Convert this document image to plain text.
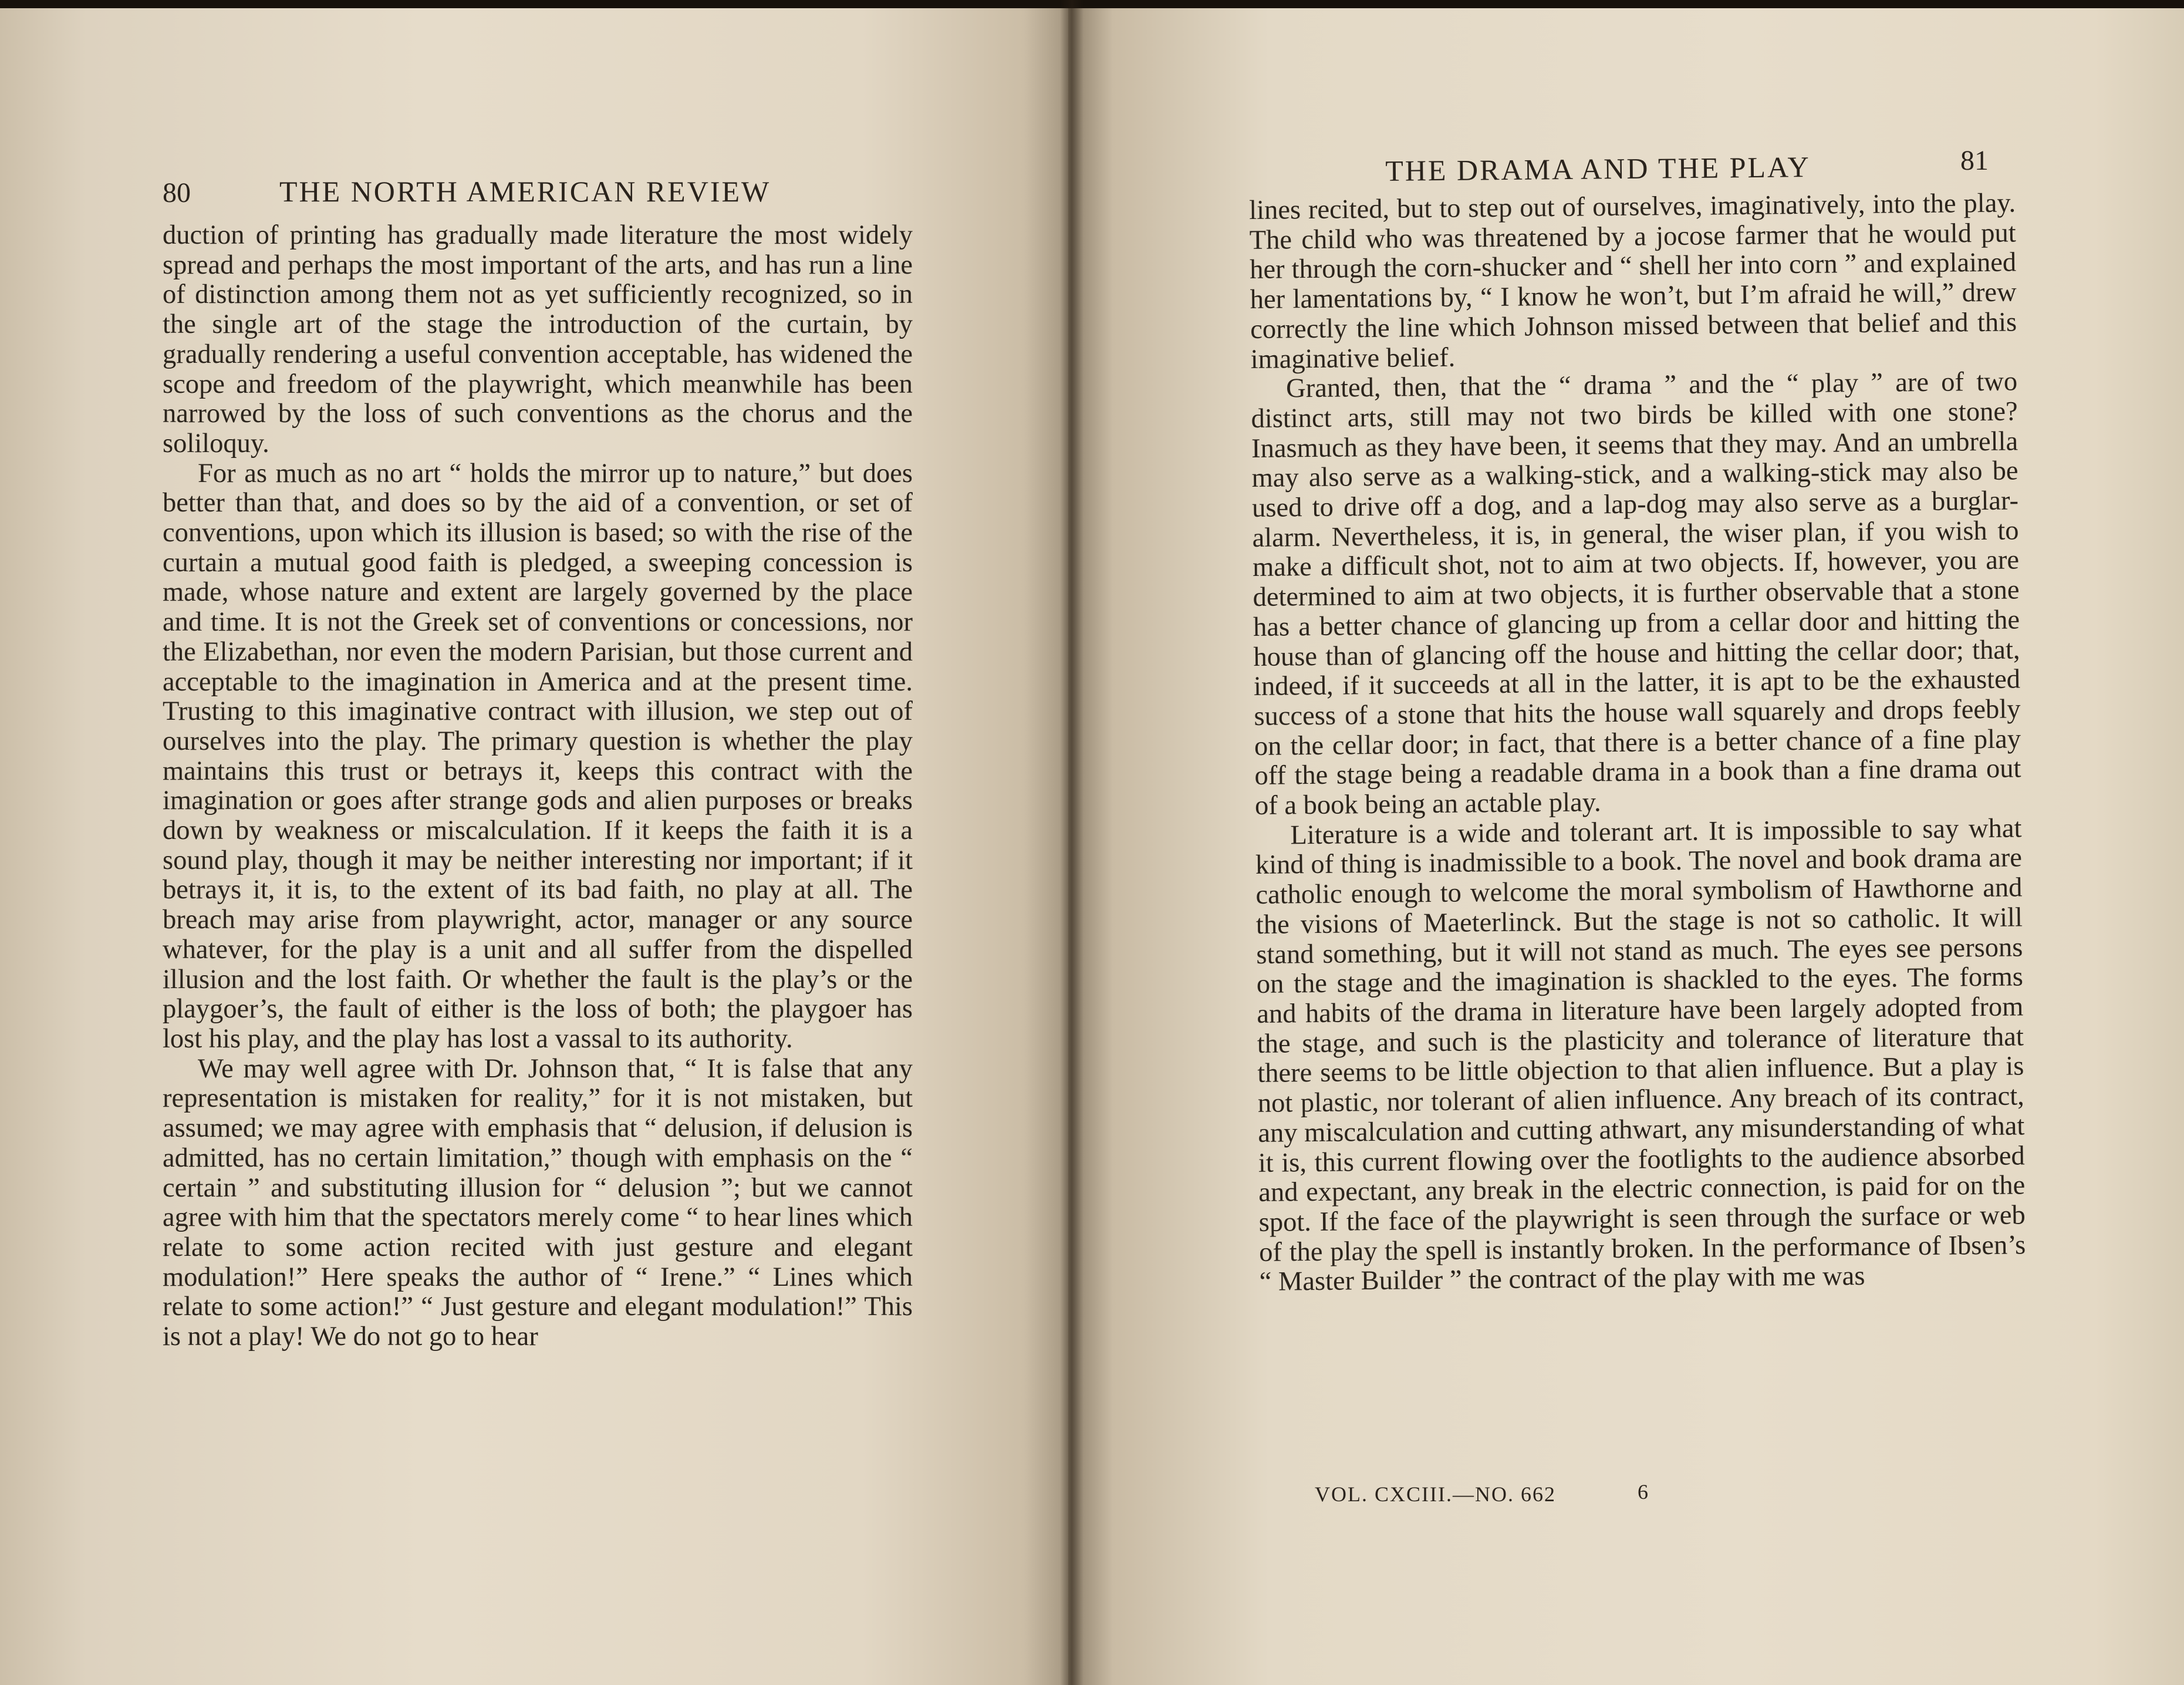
80	THE NORTH AMERICAN REVIEW

duction of printing has gradually made literature the most widely spread and perhaps the most important of the arts, and has run a line of distinction among them not as yet sufficiently recognized, so in the single art of the stage the introduction of the curtain, by gradually rendering a useful convention acceptable, has widened the scope and freedom of the playwright, which meanwhile has been narrowed by the loss of such conventions as the chorus and the soliloquy.

For as much as no art “ holds the mirror up to nature,” but does better than that, and does so by the aid of a convention, or set of conventions, upon which its illusion is based; so with the rise of the curtain a mutual good faith is pledged, a sweeping concession is made, whose nature and extent are largely governed by the place and time. It is not the Greek set of conventions or concessions, nor the Elizabethan, nor even the modern Parisian, but those current and acceptable to the imagination in America and at the present time. Trusting to this imaginative contract with illusion, we step out of ourselves into the play. The primary question is whether the play maintains this trust or betrays it, keeps this contract with the imagination or goes after strange gods and alien purposes or breaks down by weakness or miscalculation. If it keeps the faith it is a sound play, though it may be neither interesting nor important; if it betrays it, it is, to the extent of its bad faith, no play at all. The breach may arise from playwright, actor, manager or any source whatever, for the play is a unit and all suffer from the dispelled illusion and the lost faith. Or whether the fault is the play’s or the playgoer’s, the fault of either is the loss of both; the playgoer has lost his play, and the play has lost a vassal to its authority.

We may well agree with Dr. Johnson that, “ It is false that any representation is mistaken for reality,” for it is not mistaken, but assumed; we may agree with emphasis that “ delusion, if delusion is admitted, has no certain limitation,” though with emphasis on the “ certain ” and substituting illusion for “ delusion ”; but we cannot agree with him that the spectators merely come “ to hear lines which relate to some action recited with just gesture and elegant modulation!” Here speaks the author of “ Irene.” “ Lines which relate to some action!” “ Just gesture and elegant modulation!” This is not a play! We do not go to hear

THE DRAMA AND THE PLAY	81

lines recited, but to step out of ourselves, imaginatively, into the play. The child who was threatened by a jocose farmer that he would put her through the corn-shucker and “ shell her into corn ” and explained her lamentations by, “ I know he won’t, but I’m afraid he will,” drew correctly the line which Johnson missed between that belief and this imaginative belief.

Granted, then, that the “ drama ” and the “ play ” are of two distinct arts, still may not two birds be killed with one stone? Inasmuch as they have been, it seems that they may. And an umbrella may also serve as a walking-stick, and a walking-stick may also be used to drive off a dog, and a lap-dog may also serve as a burglar-alarm. Nevertheless, it is, in general, the wiser plan, if you wish to make a difficult shot, not to aim at two objects. If, however, you are determined to aim at two objects, it is further observable that a stone has a better chance of glancing up from a cellar door and hitting the house than of glancing off the house and hitting the cellar door; that, indeed, if it succeeds at all in the latter, it is apt to be the exhausted success of a stone that hits the house wall squarely and drops feebly on the cellar door; in fact, that there is a better chance of a fine play off the stage being a readable drama in a book than a fine drama out of a book being an actable play.

Literature is a wide and tolerant art. It is impossible to say what kind of thing is inadmissible to a book. The novel and book drama are catholic enough to welcome the moral symbolism of Hawthorne and the visions of Maeterlinck. But the stage is not so catholic. It will stand something, but it will not stand as much. The eyes see persons on the stage and the imagination is shackled to the eyes. The forms and habits of the drama in literature have been largely adopted from the stage, and such is the plasticity and tolerance of literature that there seems to be little objection to that alien influence. But a play is not plastic, nor tolerant of alien influence. Any breach of its contract, any miscalculation and cutting athwart, any misunderstanding of what it is, this current flowing over the footlights to the audience absorbed and expectant, any break in the electric connection, is paid for on the spot. If the face of the playwright is seen through the surface or web of the play the spell is instantly broken. In the performance of Ibsen’s “ Master Builder ” the contract of the play with me was

VOL. CXCIII.—NO. 662	6
